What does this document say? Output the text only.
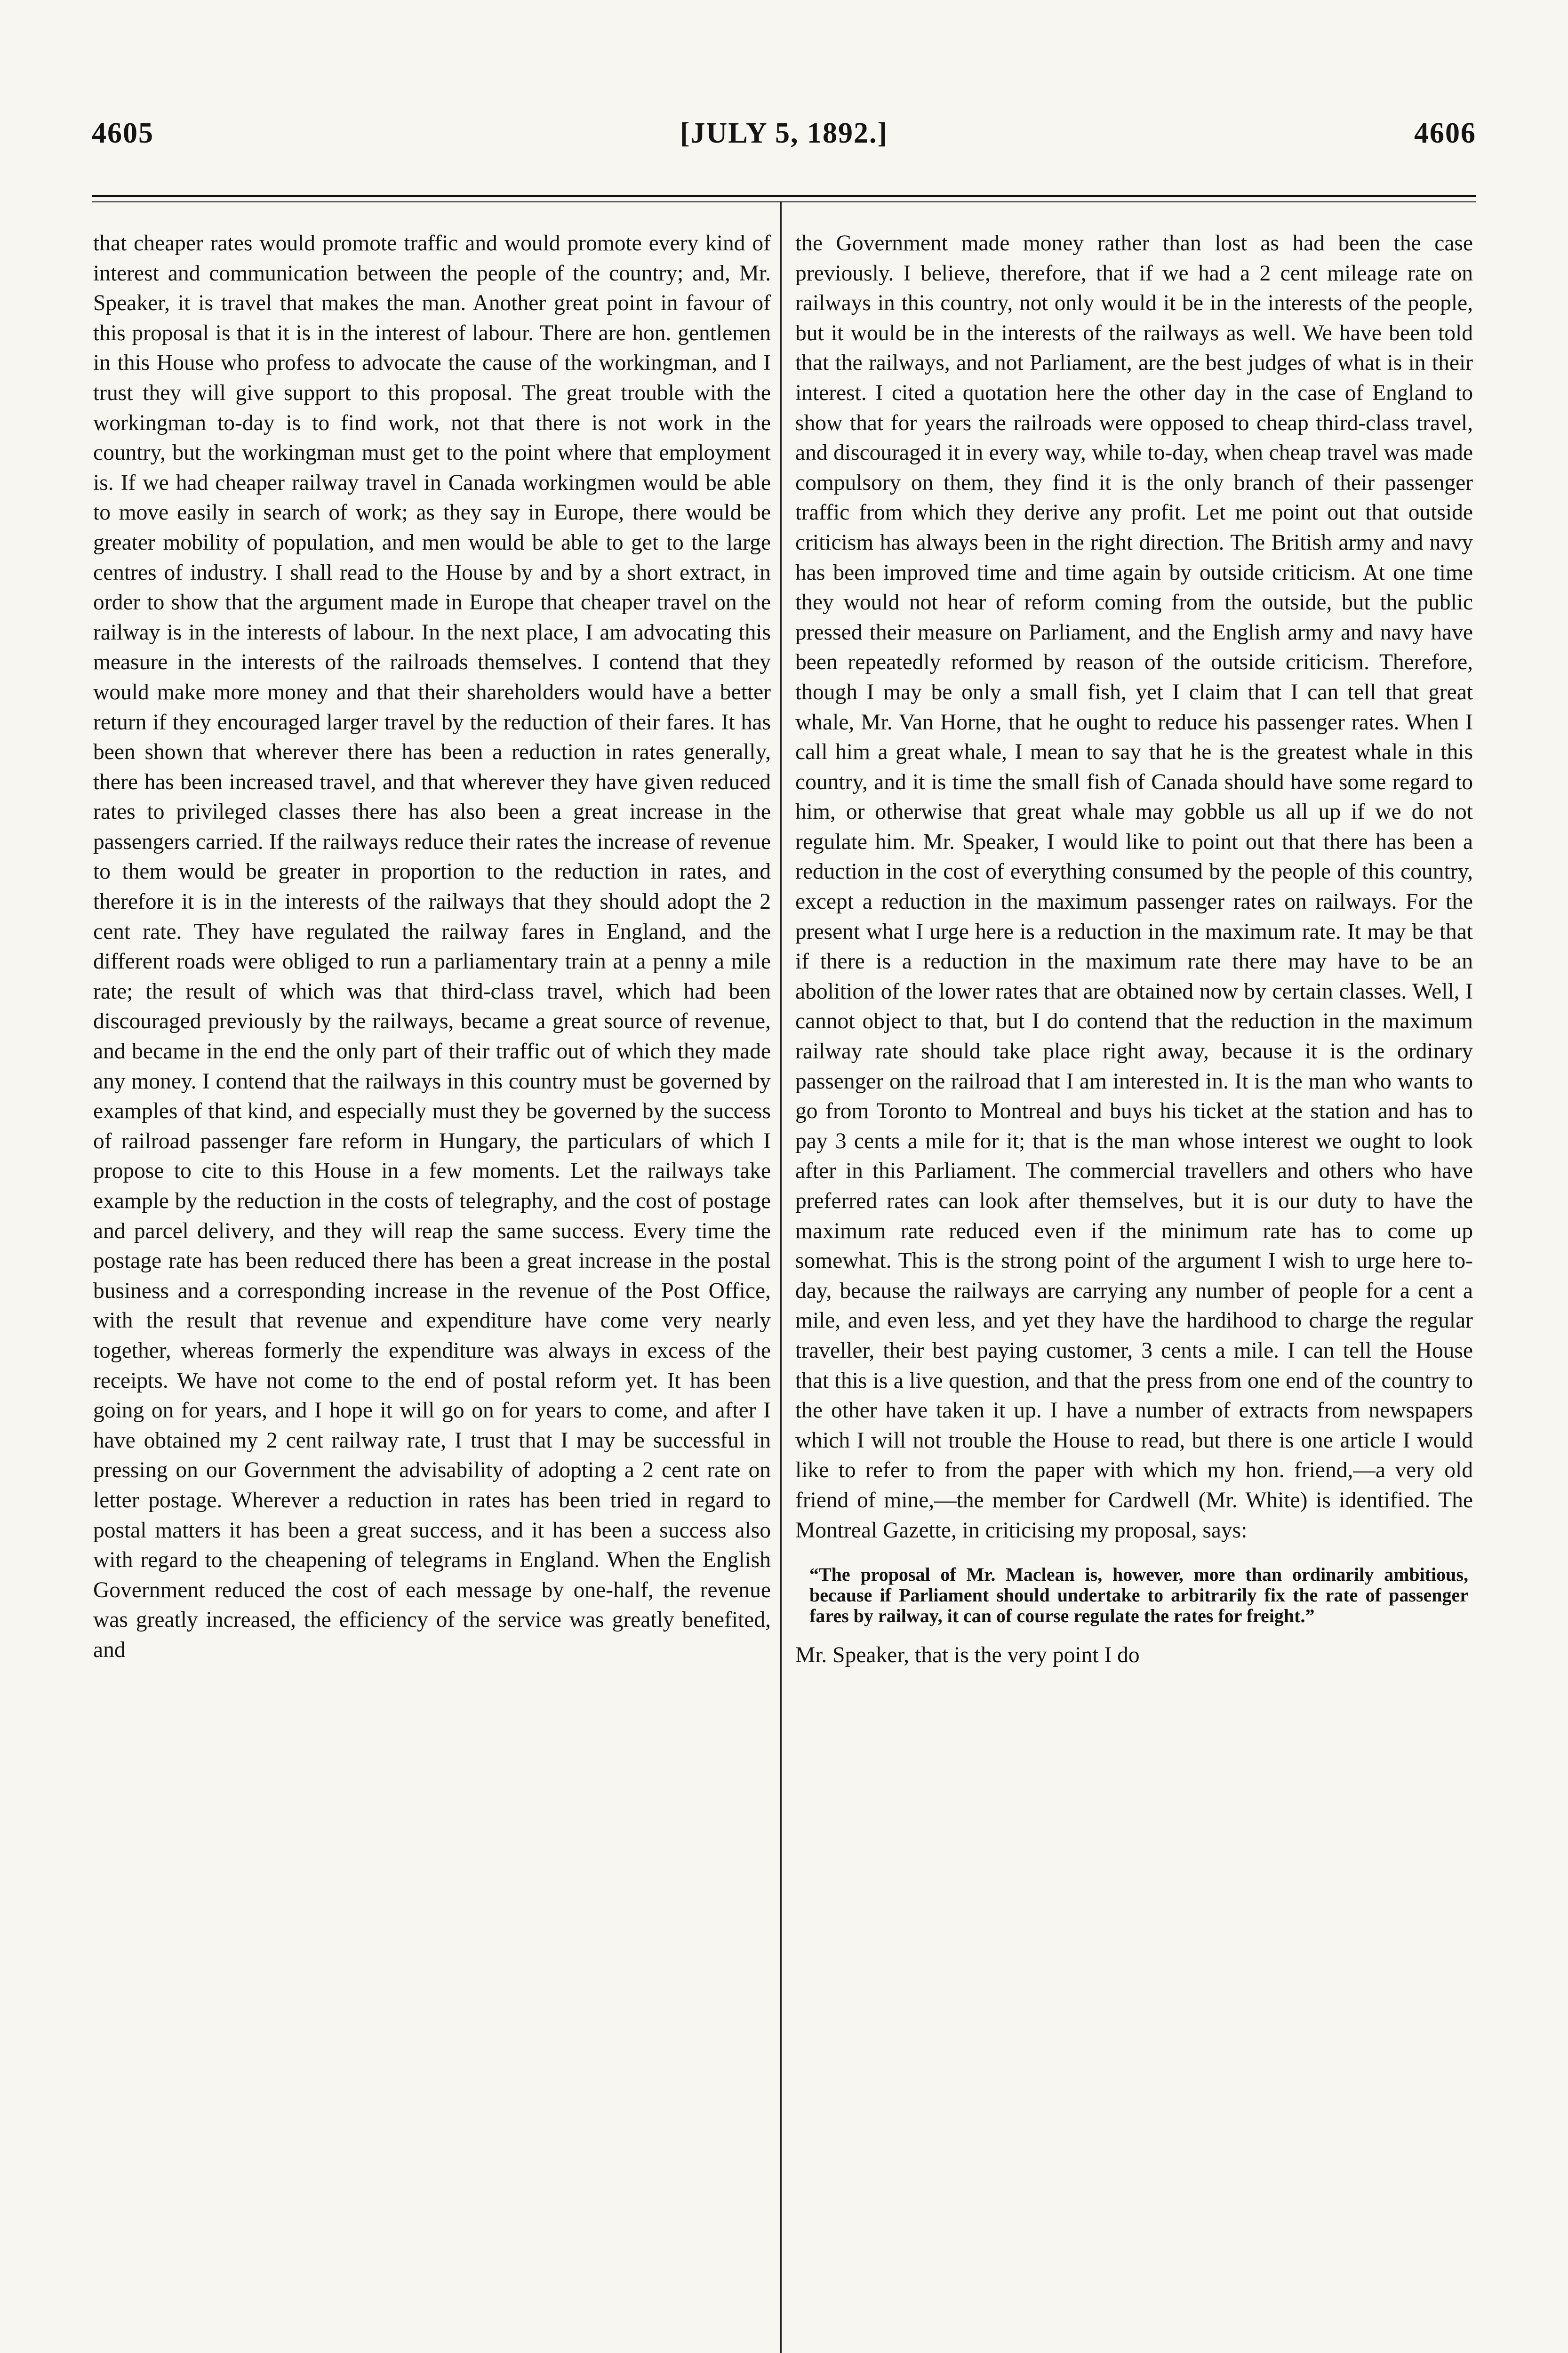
4605	[JULY 5, 1892.]	4606

that cheaper rates would promote traffic and would promote every kind of interest and communication between the people of the country; and, Mr. Speaker, it is travel that makes the man. Another great point in favour of this proposal is that it is in the interest of labour. There are hon. gentlemen in this House who profess to advocate the cause of the workingman, and I trust they will give support to this proposal. The great trouble with the workingman to-day is to find work, not that there is not work in the country, but the workingman must get to the point where that employment is. If we had cheaper railway travel in Canada workingmen would be able to move easily in search of work; as they say in Europe, there would be greater mobility of population, and men would be able to get to the large centres of industry. I shall read to the House by and by a short extract, in order to show that the argument made in Europe that cheaper travel on the railway is in the interests of labour. In the next place, I am advocating this measure in the interests of the railroads themselves. I contend that they would make more money and that their shareholders would have a better return if they encouraged larger travel by the reduction of their fares. It has been shown that wherever there has been a reduction in rates generally, there has been increased travel, and that wherever they have given reduced rates to privileged classes there has also been a great increase in the passengers carried. If the railways reduce their rates the increase of revenue to them would be greater in proportion to the reduction in rates, and therefore it is in the interests of the railways that they should adopt the 2 cent rate. They have regulated the railway fares in England, and the different roads were obliged to run a parliamentary train at a penny a mile rate; the result of which was that third-class travel, which had been discouraged previously by the railways, became a great source of revenue, and became in the end the only part of their traffic out of which they made any money. I contend that the railways in this country must be governed by examples of that kind, and especially must they be governed by the success of railroad passenger fare reform in Hungary, the particulars of which I propose to cite to this House in a few moments. Let the railways take example by the reduction in the costs of telegraphy, and the cost of postage and parcel delivery, and they will reap the same success. Every time the postage rate has been reduced there has been a great increase in the postal business and a corresponding increase in the revenue of the Post Office, with the result that revenue and expenditure have come very nearly together, whereas formerly the expenditure was always in excess of the receipts. We have not come to the end of postal reform yet. It has been going on for years, and I hope it will go on for years to come, and after I have obtained my 2 cent railway rate, I trust that I may be successful in pressing on our Government the advisability of adopting a 2 cent rate on letter postage. Wherever a reduction in rates has been tried in regard to postal matters it has been a great success, and it has been a success also with regard to the cheapening of telegrams in England. When the English Government reduced the cost of each message by one-half, the revenue was greatly increased, the efficiency of the service was greatly benefited, and

the Government made money rather than lost as had been the case previously. I believe, therefore, that if we had a 2 cent mileage rate on railways in this country, not only would it be in the interests of the people, but it would be in the interests of the railways as well. We have been told that the railways, and not Parliament, are the best judges of what is in their interest. I cited a quotation here the other day in the case of England to show that for years the railroads were opposed to cheap third-class travel, and discouraged it in every way, while to-day, when cheap travel was made compulsory on them, they find it is the only branch of their passenger traffic from which they derive any profit. Let me point out that outside criticism has always been in the right direction. The British army and navy has been improved time and time again by outside criticism. At one time they would not hear of reform coming from the outside, but the public pressed their measure on Parliament, and the English army and navy have been repeatedly reformed by reason of the outside criticism. Therefore, though I may be only a small fish, yet I claim that I can tell that great whale, Mr. Van Horne, that he ought to reduce his passenger rates. When I call him a great whale, I mean to say that he is the greatest whale in this country, and it is time the small fish of Canada should have some regard to him, or otherwise that great whale may gobble us all up if we do not regulate him. Mr. Speaker, I would like to point out that there has been a reduction in the cost of everything consumed by the people of this country, except a reduction in the maximum passenger rates on railways. For the present what I urge here is a reduction in the maximum rate. It may be that if there is a reduction in the maximum rate there may have to be an abolition of the lower rates that are obtained now by certain classes. Well, I cannot object to that, but I do contend that the reduction in the maximum railway rate should take place right away, because it is the ordinary passenger on the railroad that I am interested in. It is the man who wants to go from Toronto to Montreal and buys his ticket at the station and has to pay 3 cents a mile for it; that is the man whose interest we ought to look after in this Parliament. The commercial travellers and others who have preferred rates can look after themselves, but it is our duty to have the maximum rate reduced even if the minimum rate has to come up somewhat. This is the strong point of the argument I wish to urge here to-day, because the railways are carrying any number of people for a cent a mile, and even less, and yet they have the hardihood to charge the regular traveller, their best paying customer, 3 cents a mile. I can tell the House that this is a live question, and that the press from one end of the country to the other have taken it up. I have a number of extracts from newspapers which I will not trouble the House to read, but there is one article I would like to refer to from the paper with which my hon. friend,—a very old friend of mine,—the member for Cardwell (Mr. White) is identified. The Montreal Gazette, in criticising my proposal, says:

“The proposal of Mr. Maclean is, however, more than ordinarily ambitious, because if Parliament should undertake to arbitrarily fix the rate of passenger fares by railway, it can of course regulate the rates for freight.”

Mr. Speaker, that is the very point I do
